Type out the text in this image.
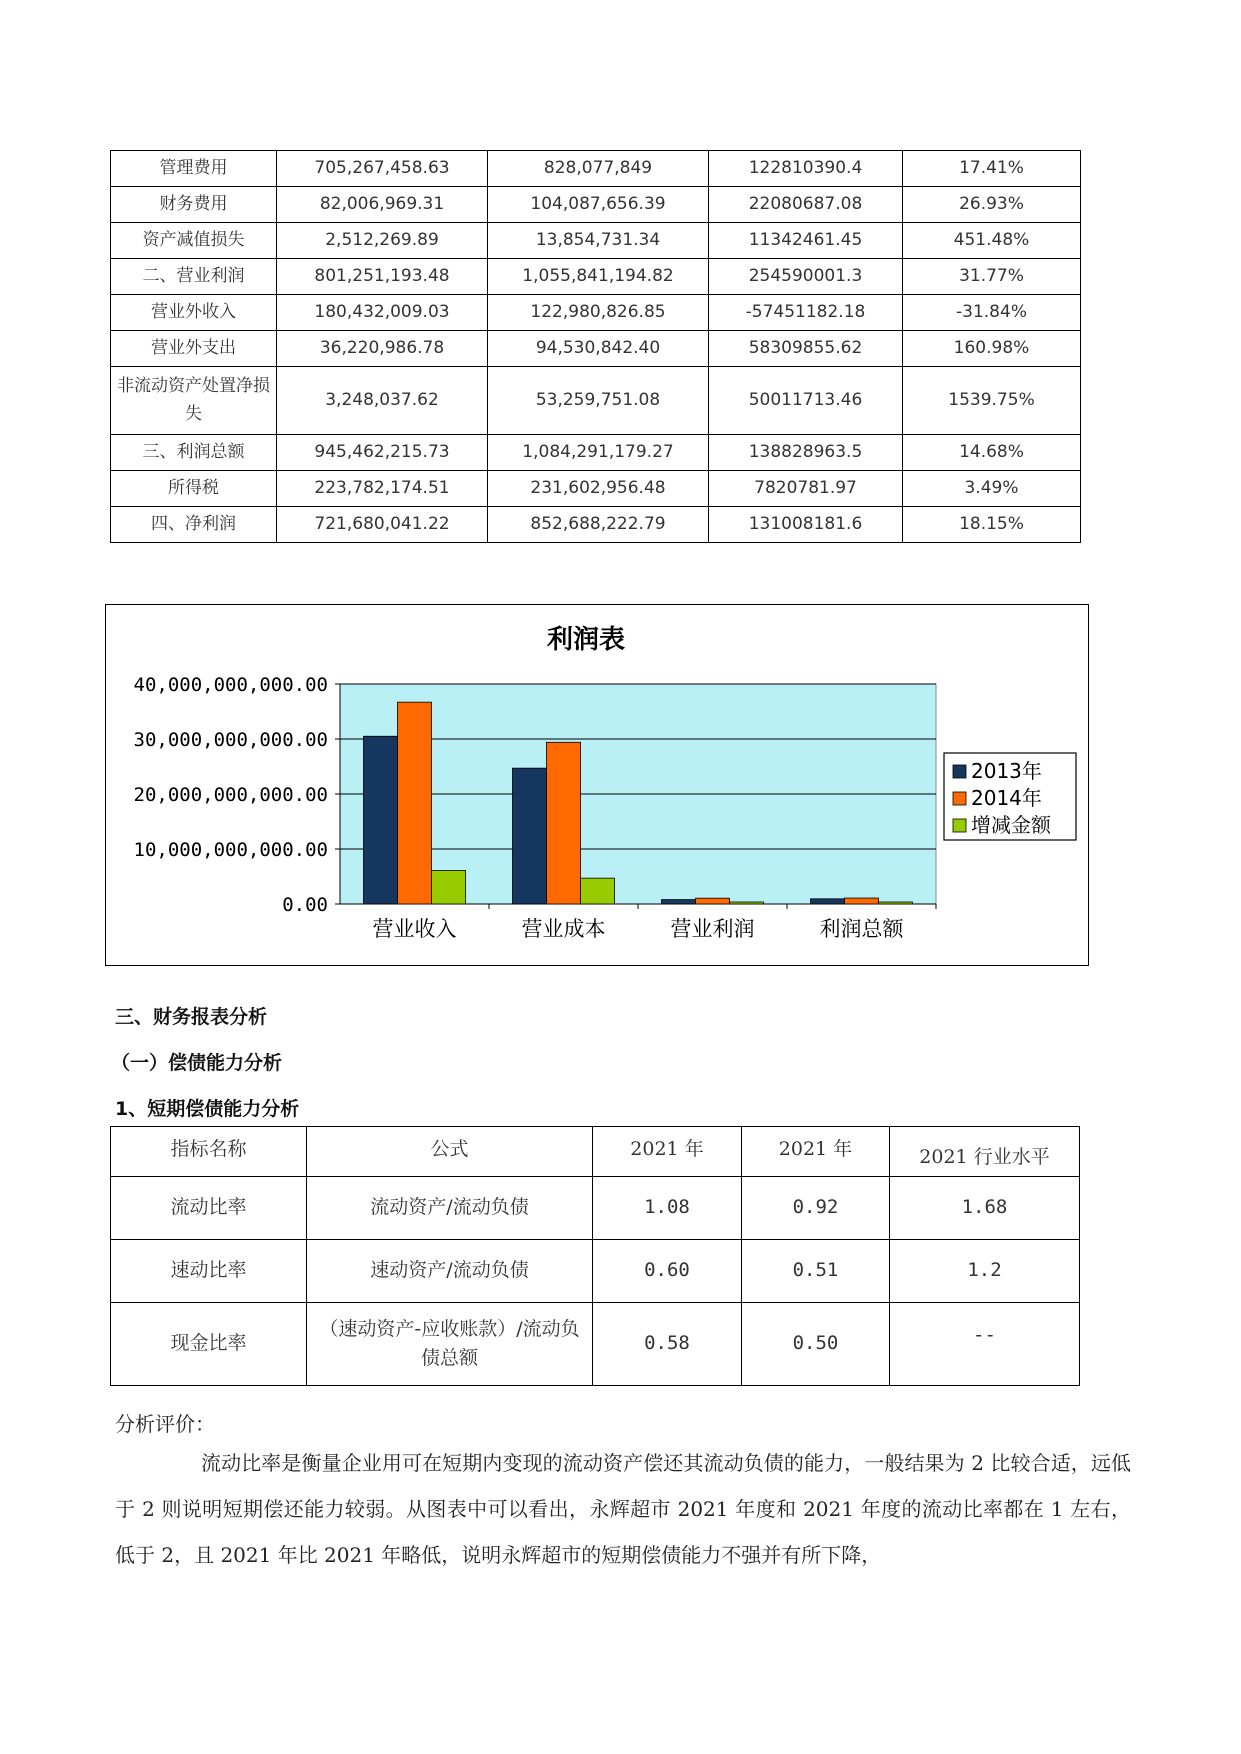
管理费用	705,267,458.63	828,077,849	122810390.4	17.41%
财务费用	82,006,969.31	104,087,656.39	22080687.08	26.93%
资产减值损失	2,512,269.89	13,854,731.34	11342461.45	451.48%
二、营业利润	801,251,193.48	1,055,841,194.82	254590001.3	31.77%
营业外收入	180,432,009.03	122,980,826.85	-57451182.18	-31.84%
营业外支出	36,220,986.78	94,530,842.40	58309855.62	160.98%
非流动资产处置净损失	3,248,037.62	53,259,751.08	50011713.46	1539.75%
三、利润总额	945,462,215.73	1,084,291,179.27	138828963.5	14.68%
所得税	223,782,174.51	231,602,956.48	7820781.97	3.49%
四、净利润	721,680,041.22	852,688,222.79	131008181.6	18.15%
利润表
0.00
10,000,000,000.00
20,000,000,000.00
30,000,000,000.00
40,000,000,000.00
营业收入	营业成本	营业利润	利润总额
2013年
2014年
增减金额
三、财务报表分析
（一）偿债能力分析
1、短期偿债能力分析
指标名称	公式	2021 年	2021 年	2021 行业水平
流动比率	流动资产/流动负债	1.08	0.92	1.68
速动比率	速动资产/流动负债	0.60	0.51	1.2
现金比率	（速动资产-应收账款）/流动负债总额	0.58	0.50	--
分析评价：
流动比率是衡量企业用可在短期内变现的流动资产偿还其流动负债的能力，一般结果为 2 比较合适，远低于 2 则说明短期偿还能力较弱。从图表中可以看出，永辉超市 2021 年度和 2021 年度的流动比率都在 1 左右，低于 2，且 2021 年比 2021 年略低，说明永辉超市的短期偿债能力不强并有所下降，
